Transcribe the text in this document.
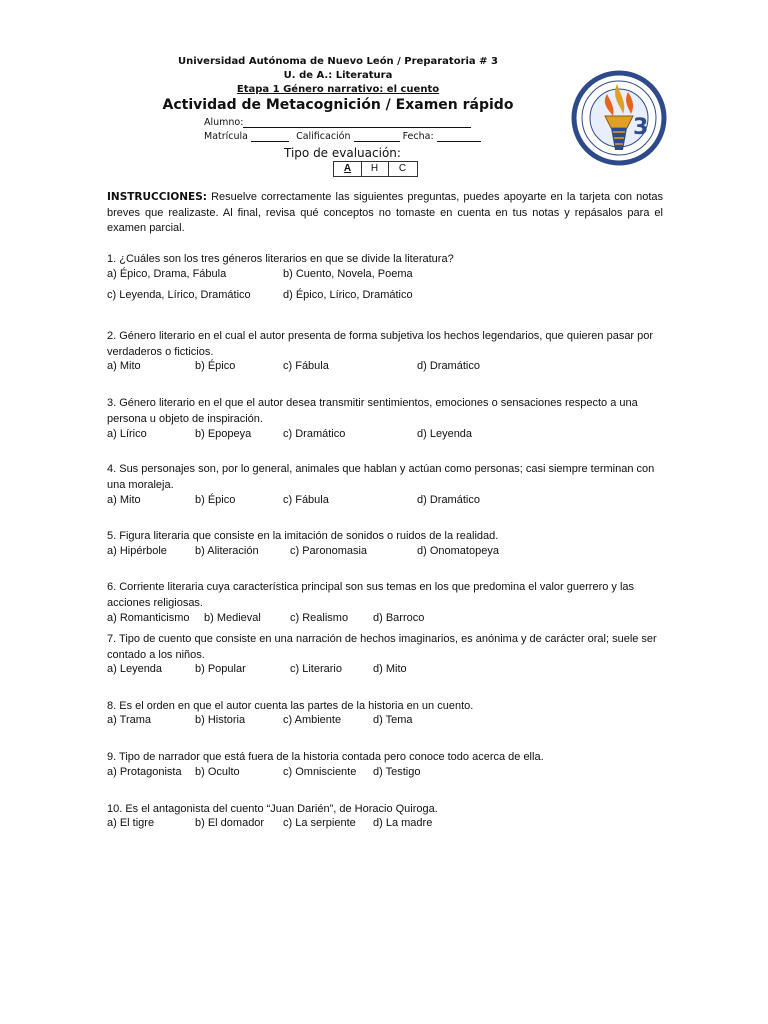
Universidad Autónoma de Nuevo León / Preparatoria # 3
U. de A.: Literatura
Etapa 1 Género narrativo: el cuento
Actividad de Metacognición / Examen rápido
Alumno:
Matrícula	Calificación	Fecha:
Tipo de evaluación:
A	H	C
3
INSTRUCCIONES: Resuelve correctamente las siguientes preguntas, puedes apoyarte en la tarjeta con notas breves que realizaste. Al final, revisa qué conceptos no tomaste en cuenta en tus notas y repásalos para el examen parcial.
1. ¿Cuáles son los tres géneros literarios en que se divide la literatura?
a) Épico, Drama, Fábula	b) Cuento, Novela, Poema
c) Leyenda, Lírico, Dramático	d) Épico, Lírico, Dramático
2. Género literario en el cual el autor presenta de forma subjetiva los hechos legendarios, que quieren pasar por verdaderos o ficticios.
a) Mito	b) Épico	c) Fábula	d) Dramático
3. Género literario en el que el autor desea transmitir sentimientos, emociones o sensaciones respecto a una persona u objeto de inspiración.
a) Lírico	b) Epopeya	c) Dramático	d) Leyenda
4. Sus personajes son, por lo general, animales que hablan y actúan como personas; casi siempre terminan con una moraleja.
a) Mito	b) Épico	c) Fábula	d) Dramático
5. Figura literaria que consiste en la imitación de sonidos o ruidos de la realidad.
a) Hipérbole	b) Aliteración	c) Paronomasia	d) Onomatopeya
6. Corriente literaria cuya característica principal son sus temas en los que predomina el valor guerrero y las acciones religiosas.
a) Romanticismo b) Medieval	c) Realismo d) Barroco
7. Tipo de cuento que consiste en una narración de hechos imaginarios, es anónima y de carácter oral; suele ser contado a los niños.
a) Leyenda	b) Popular	c) Literario	d) Mito
8. Es el orden en que el autor cuenta las partes de la historia en un cuento.
a) Trama	b) Historia	c) Ambiente	d) Tema
9. Tipo de narrador que está fuera de la historia contada pero conoce todo acerca de ella.
a) Protagonista b) Oculto	c) Omnisciente d) Testigo
10. Es el antagonista del cuento “Juan Darién”, de Horacio Quiroga.
a) El tigre	b) El domador c) La serpiente d) La madre
